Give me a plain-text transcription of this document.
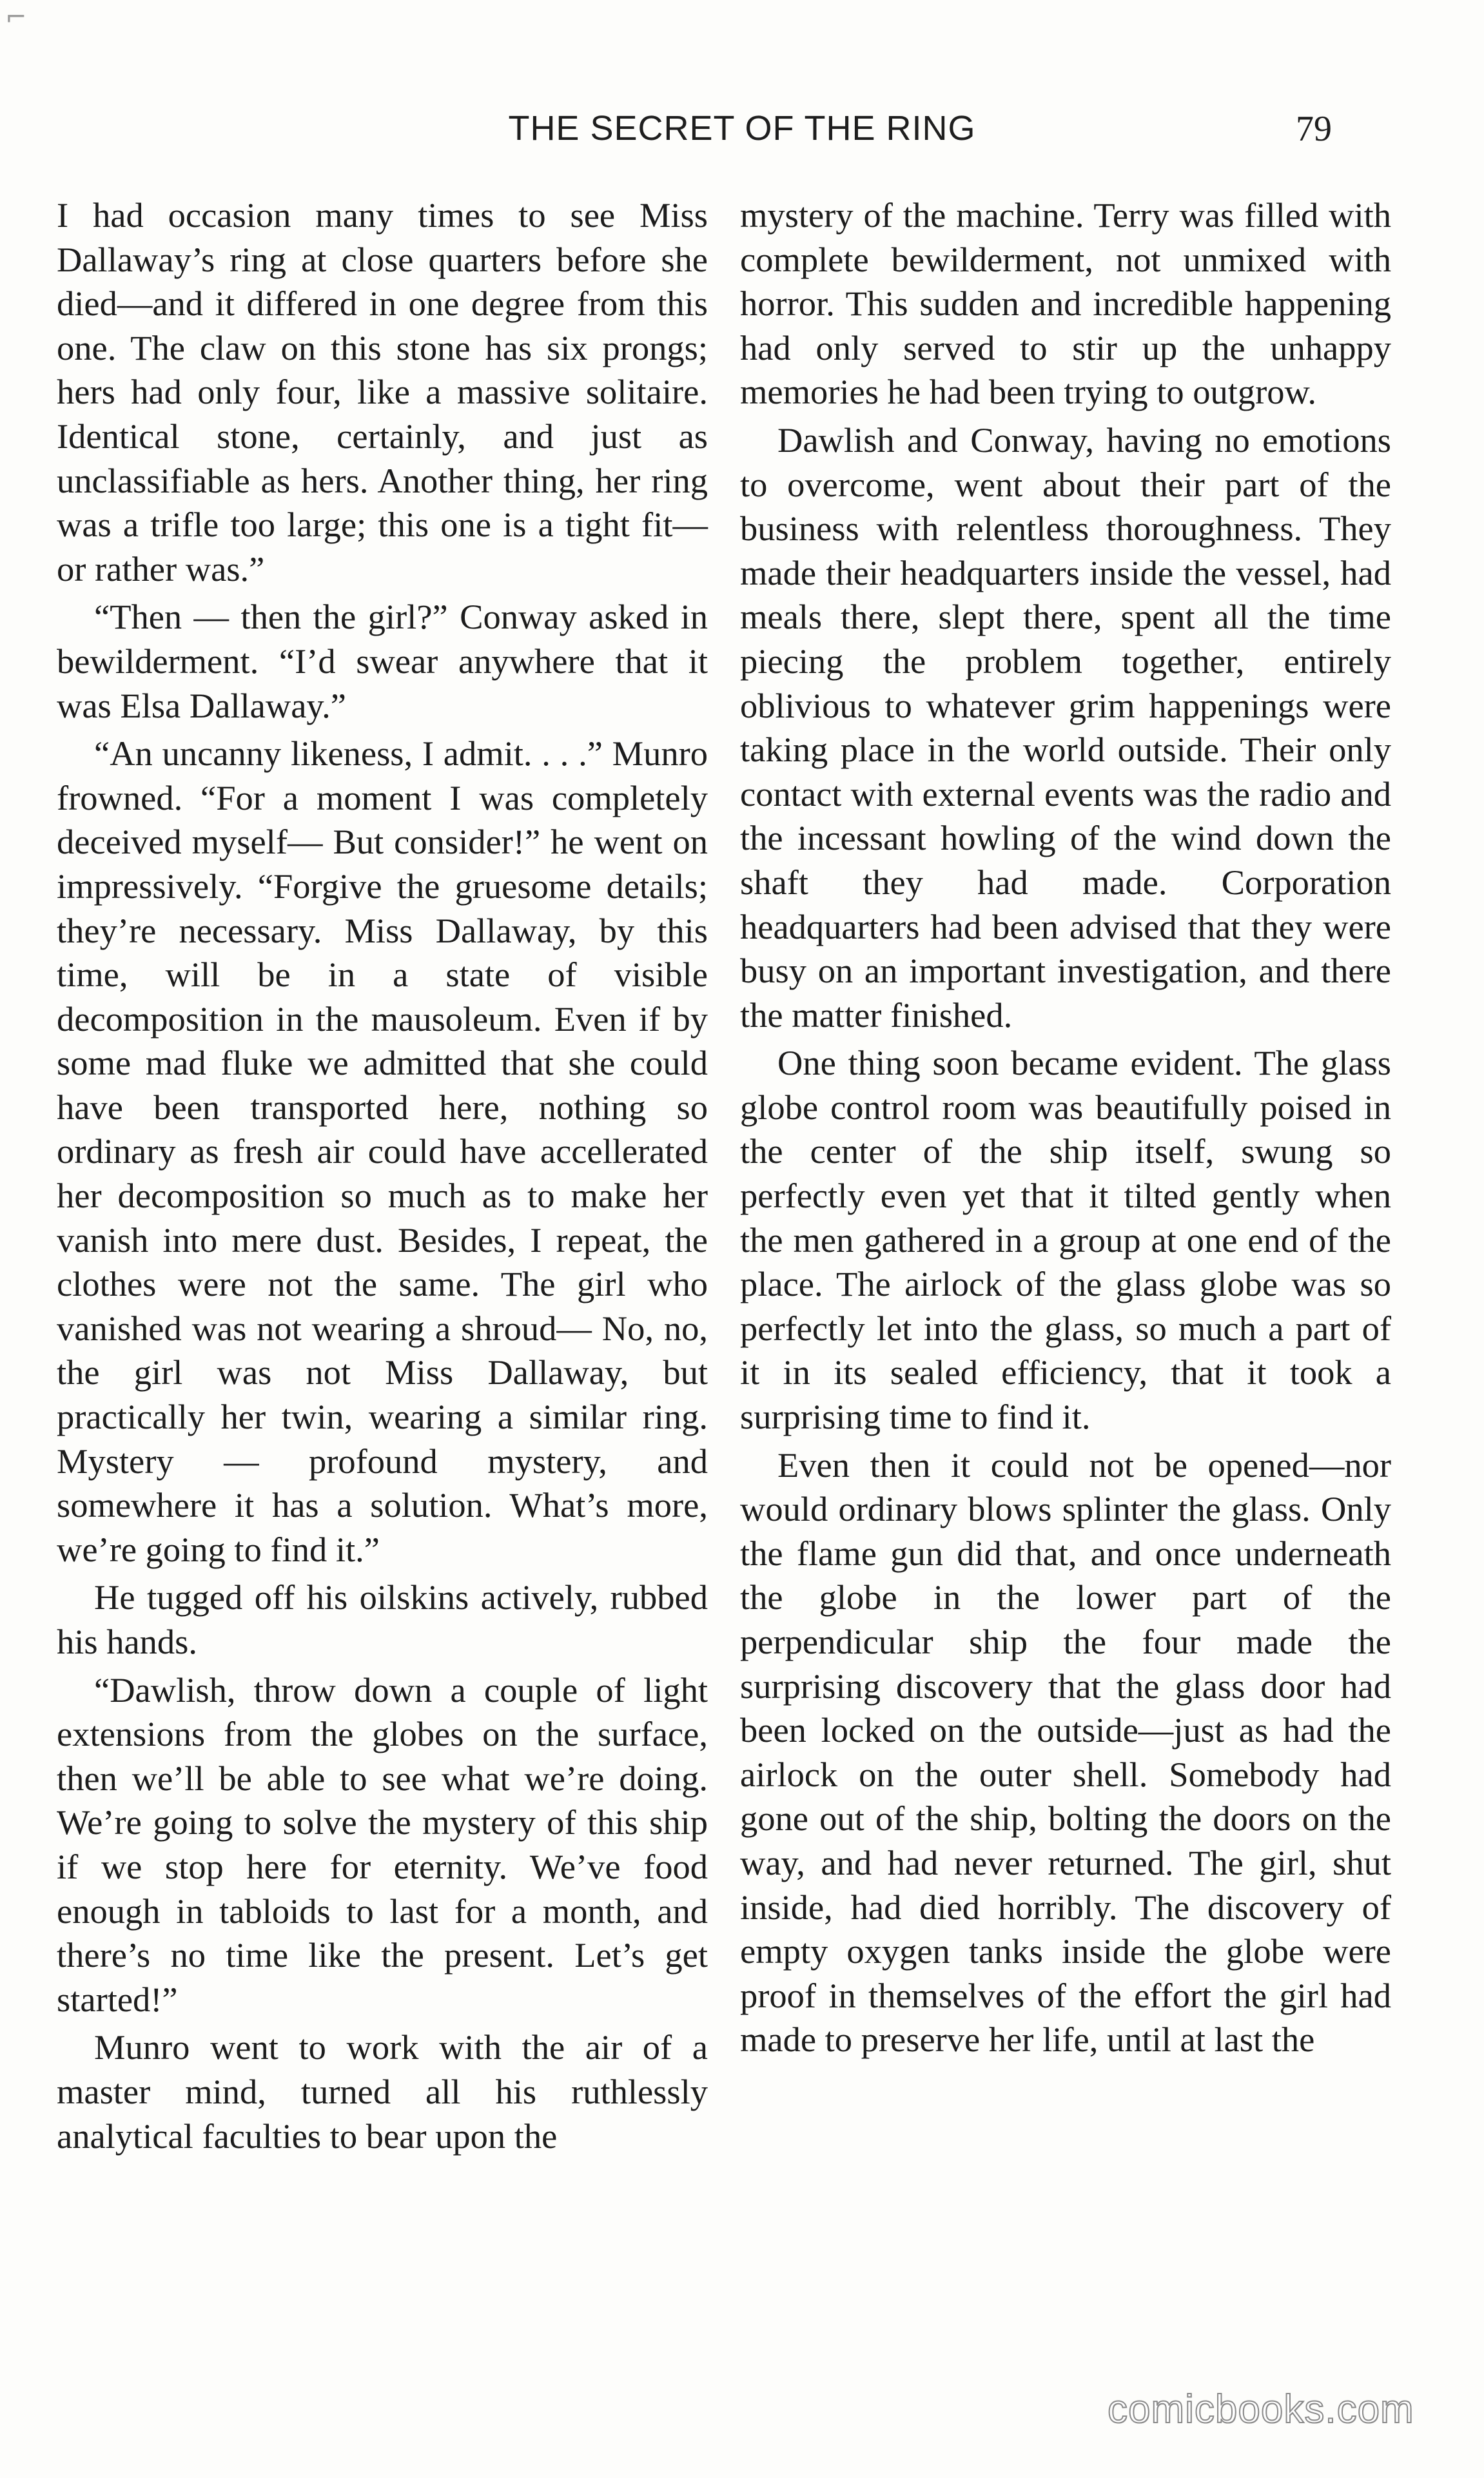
⌐
THE SECRET OF THE RING	79

I had occasion many times to see Miss Dallaway’s ring at close quarters before she died—and it differed in one degree from this one. The claw on this stone has six prongs; hers had only four, like a massive solitaire. Identical stone, certainly, and just as unclassifiable as hers. Another thing, her ring was a trifle too large; this one is a tight fit—or rather was.”

“Then — then the girl?” Conway asked in bewilderment. “I’d swear anywhere that it was Elsa Dallaway.”

“An uncanny likeness, I admit. . . .” Munro frowned. “For a moment I was completely deceived myself— But consider!” he went on impressively. “Forgive the gruesome details; they’re necessary. Miss Dallaway, by this time, will be in a state of visible decomposition in the mausoleum. Even if by some mad fluke we admitted that she could have been transported here, nothing so ordinary as fresh air could have accellerated her decomposition so much as to make her vanish into mere dust. Besides, I repeat, the clothes were not the same. The girl who vanished was not wearing a shroud— No, no, the girl was not Miss Dallaway, but practically her twin, wearing a similar ring. Mystery — profound mystery, and somewhere it has a solution. What’s more, we’re going to find it.”

He tugged off his oilskins actively, rubbed his hands.

“Dawlish, throw down a couple of light extensions from the globes on the surface, then we’ll be able to see what we’re doing. We’re going to solve the mystery of this ship if we stop here for eternity. We’ve food enough in tabloids to last for a month, and there’s no time like the present. Let’s get started!”

Munro went to work with the air of a master mind, turned all his ruthlessly analytical faculties to bear upon the

mystery of the machine. Terry was filled with complete bewilderment, not unmixed with horror. This sudden and incredible happening had only served to stir up the unhappy memories he had been trying to outgrow.

Dawlish and Conway, having no emotions to overcome, went about their part of the business with relentless thoroughness. They made their headquarters inside the vessel, had meals there, slept there, spent all the time piecing the problem together, entirely oblivious to whatever grim happenings were taking place in the world outside. Their only contact with external events was the radio and the incessant howling of the wind down the shaft they had made. Corporation headquarters had been advised that they were busy on an important investigation, and there the matter finished.

One thing soon became evident. The glass globe control room was beautifully poised in the center of the ship itself, swung so perfectly even yet that it tilted gently when the men gathered in a group at one end of the place. The airlock of the glass globe was so perfectly let into the glass, so much a part of it in its sealed efficiency, that it took a surprising time to find it.

Even then it could not be opened—nor would ordinary blows splinter the glass. Only the flame gun did that, and once underneath the globe in the lower part of the perpendicular ship the four made the surprising discovery that the glass door had been locked on the outside—just as had the airlock on the outer shell. Somebody had gone out of the ship, bolting the doors on the way, and had never returned. The girl, shut inside, had died horribly. The discovery of empty oxygen tanks inside the globe were proof in themselves of the effort the girl had made to preserve her life, until at last the

comicbooks.com
